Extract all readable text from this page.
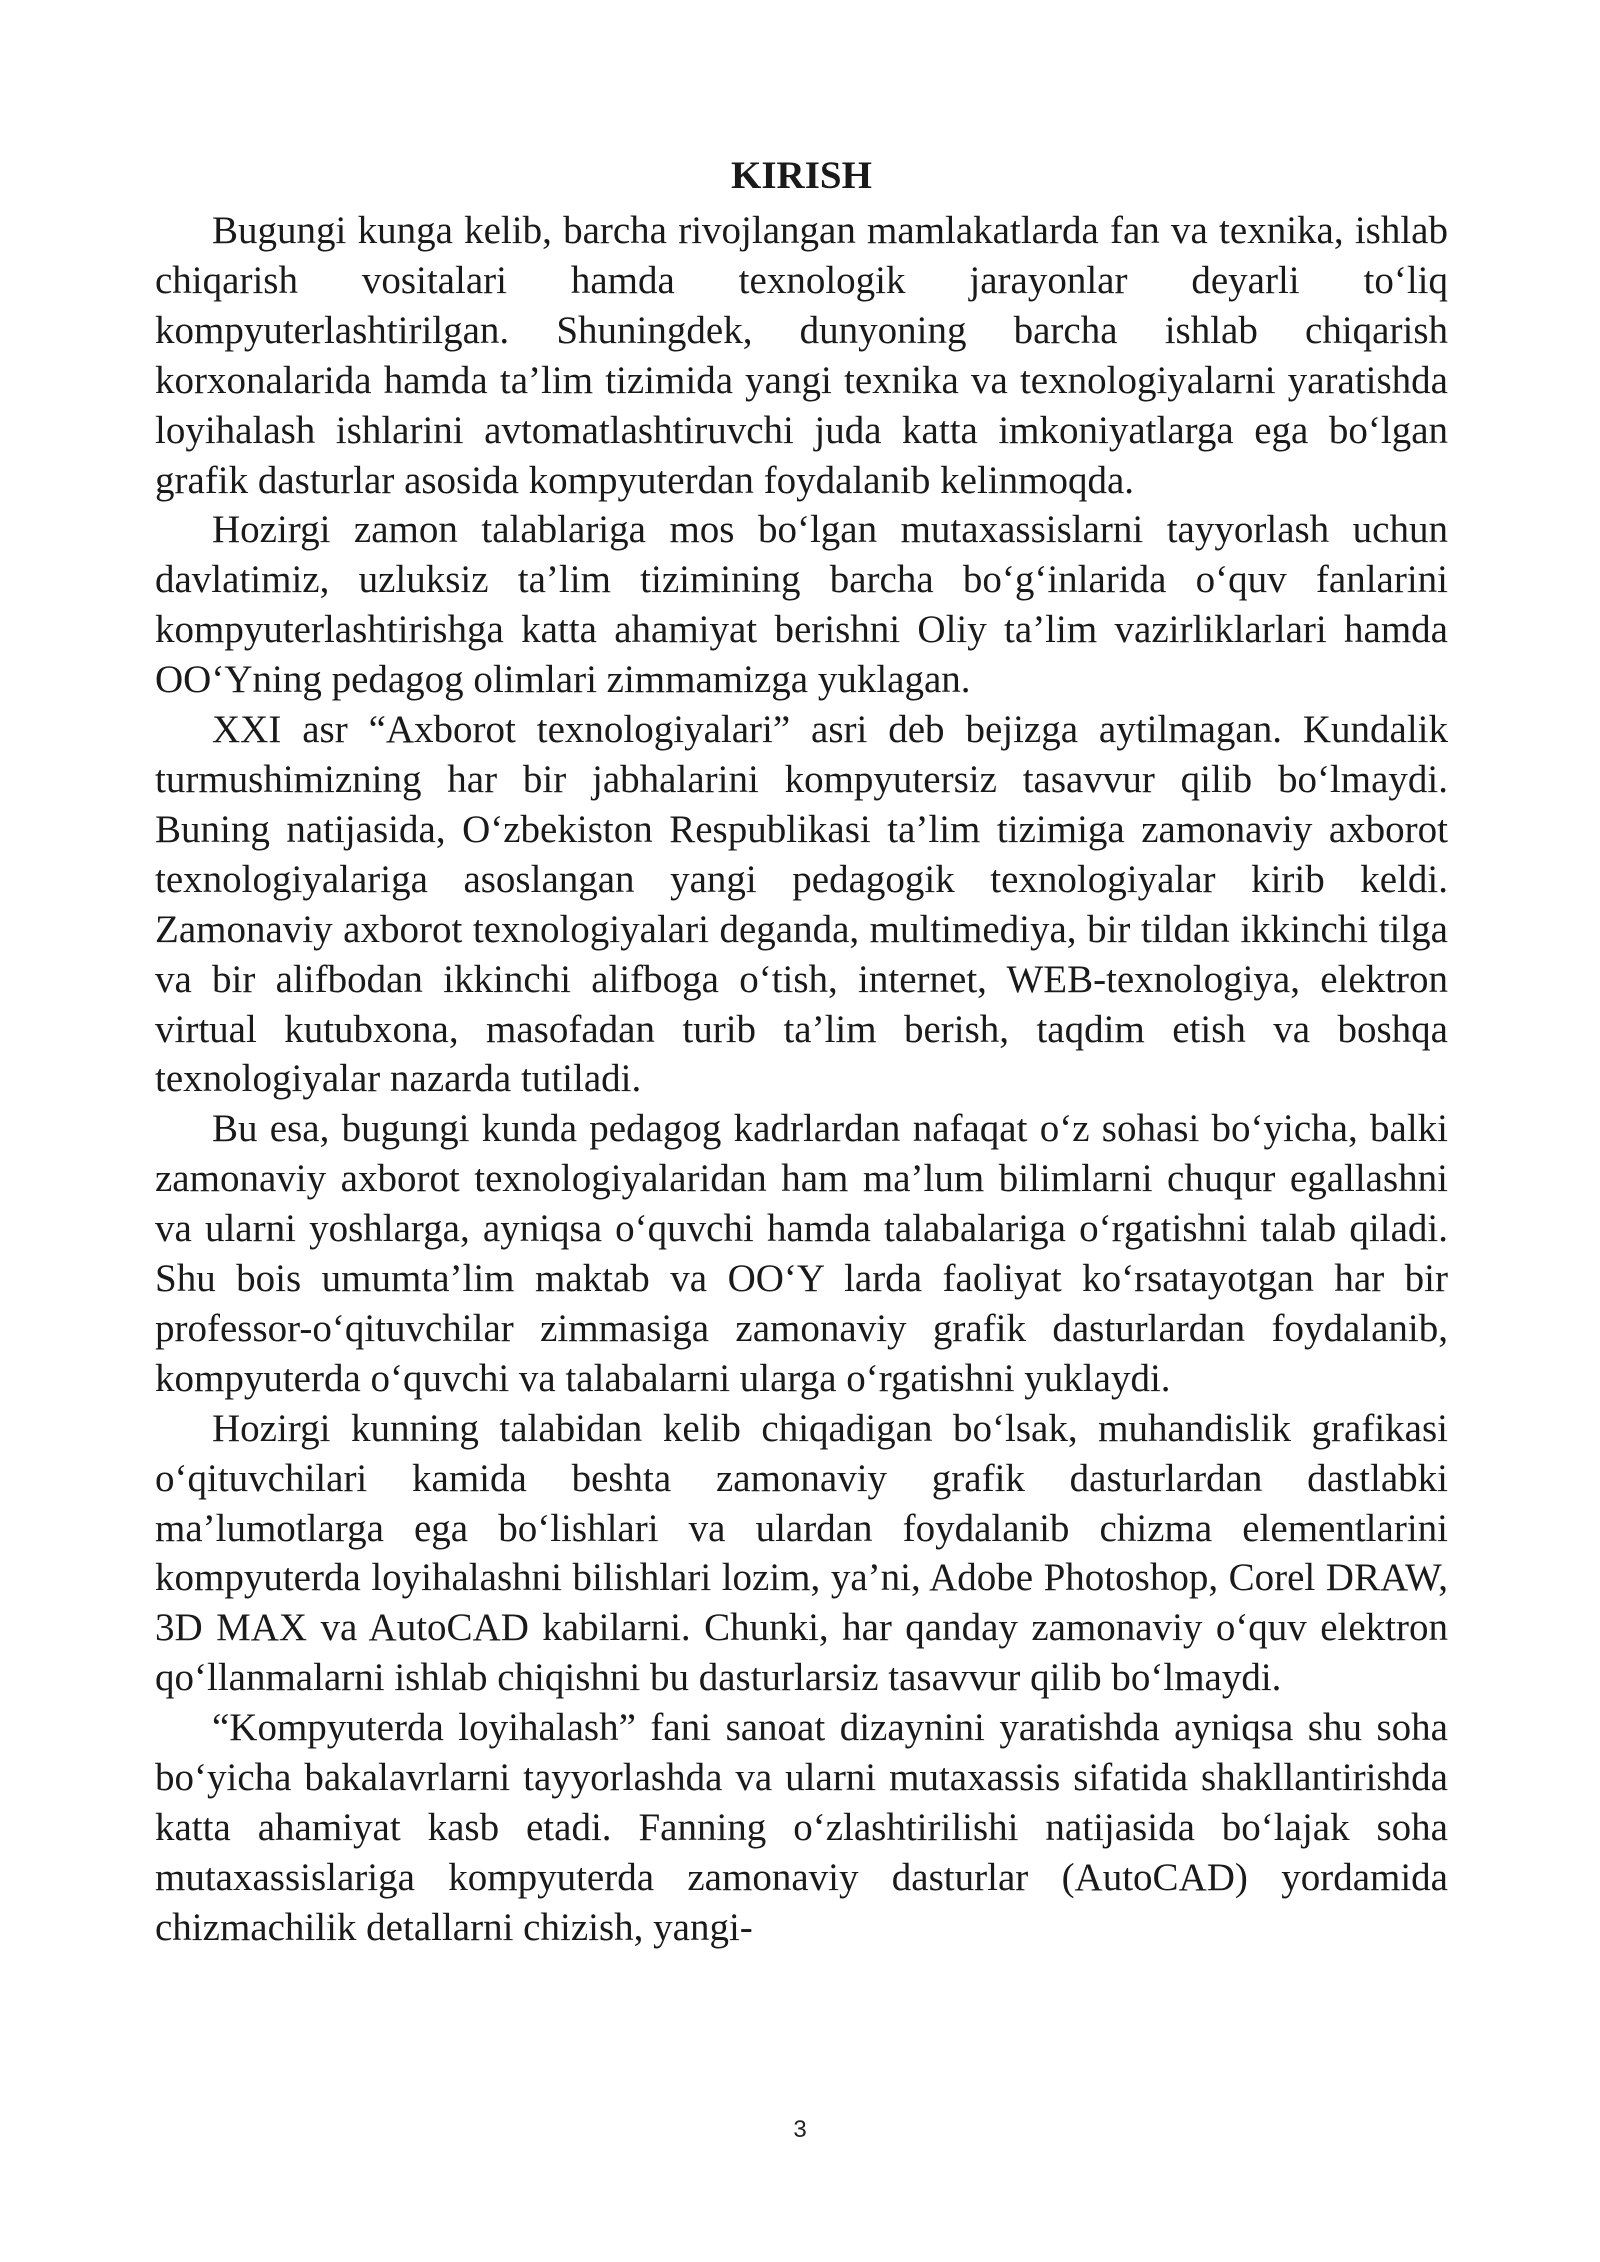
KIRISH

Bugungi kunga kelib, barcha rivojlangan mamlakatlarda fan va texnika, ishlab chiqarish vositalari hamda texnologik jarayonlar deyarli to‘liq kompyuterlashtirilgan. Shuningdek, dunyoning barcha ishlab chiqarish korxonalarida hamda ta’lim tizimida yangi texnika va texnologiyalarni yaratishda loyihalash ishlarini avtomatlashtiruvchi juda katta imkoniyatlarga ega bo‘lgan grafik dasturlar asosida kompyuterdan foydalanib kelinmoqda.

Hozirgi zamon talablariga mos bo‘lgan mutaxassislarni tayyorlash uchun davlatimiz, uzluksiz ta’lim tizimining barcha bo‘g‘inlarida o‘quv fanlarini kompyuterlashtirishga katta ahamiyat berishni Oliy ta’lim vazirliklarlari hamda OO‘Yning pedagog olimlari zimmamizga yuklagan.

XXI asr “Axborot texnologiyalari” asri deb bejizga aytilmagan. Kundalik turmushimizning har bir jabhalarini kompyutersiz tasavvur qilib bo‘lmaydi. Buning natijasida, O‘zbekiston Respublikasi ta’lim tizimiga zamonaviy axborot texnologiyalariga asoslangan yangi pedagogik texnologiyalar kirib keldi. Zamonaviy axborot texnologiyalari deganda, multimediya, bir tildan ikkinchi tilga va bir alifbodan ikkinchi alifboga o‘tish, internet, WEB-texnologiya, elektron virtual kutubxona, masofadan turib ta’lim berish, taqdim etish va boshqa texnologiyalar nazarda tutiladi.

Bu esa, bugungi kunda pedagog kadrlardan nafaqat o‘z sohasi bo‘yicha, balki zamonaviy axborot texnologiyalaridan ham ma’lum bilimlarni chuqur egallashni va ularni yoshlarga, ayniqsa o‘quvchi hamda talabalariga o‘rgatishni talab qiladi. Shu bois umumta’lim maktab va OO‘Y larda faoliyat ko‘rsatayotgan har bir professor-o‘qituvchilar zimmasiga zamonaviy grafik dasturlardan foydalanib, kompyuterda o‘quvchi va talabalarni ularga o‘rgatishni yuklaydi.

Hozirgi kunning talabidan kelib chiqadigan bo‘lsak, muhandislik grafikasi o‘qituvchilari kamida beshta zamonaviy grafik dasturlardan dastlabki ma’lumotlarga ega bo‘lishlari va ulardan foydalanib chizma elementlarini kompyuterda loyihalashni bilishlari lozim, ya’ni, Adobe Photoshop, Corel DRAW, 3D MAX va AutoCAD kabilarni. Chunki, har qanday zamonaviy o‘quv elektron qo‘llanmalarni ishlab chiqishni bu dasturlarsiz tasavvur qilib bo‘lmaydi.

“Kompyuterda loyihalash” fani sanoat dizaynini yaratishda ayniqsa shu soha bo‘yicha bakalavrlarni tayyorlashda va ularni mutaxassis sifatida shakllantirishda katta ahamiyat kasb etadi. Fanning o‘zlashtirilishi natijasida bo‘lajak soha mutaxassislariga kompyuterda zamonaviy dasturlar (AutoCAD) yordamida chizmachilik detallarni chizish, yangi-

3
